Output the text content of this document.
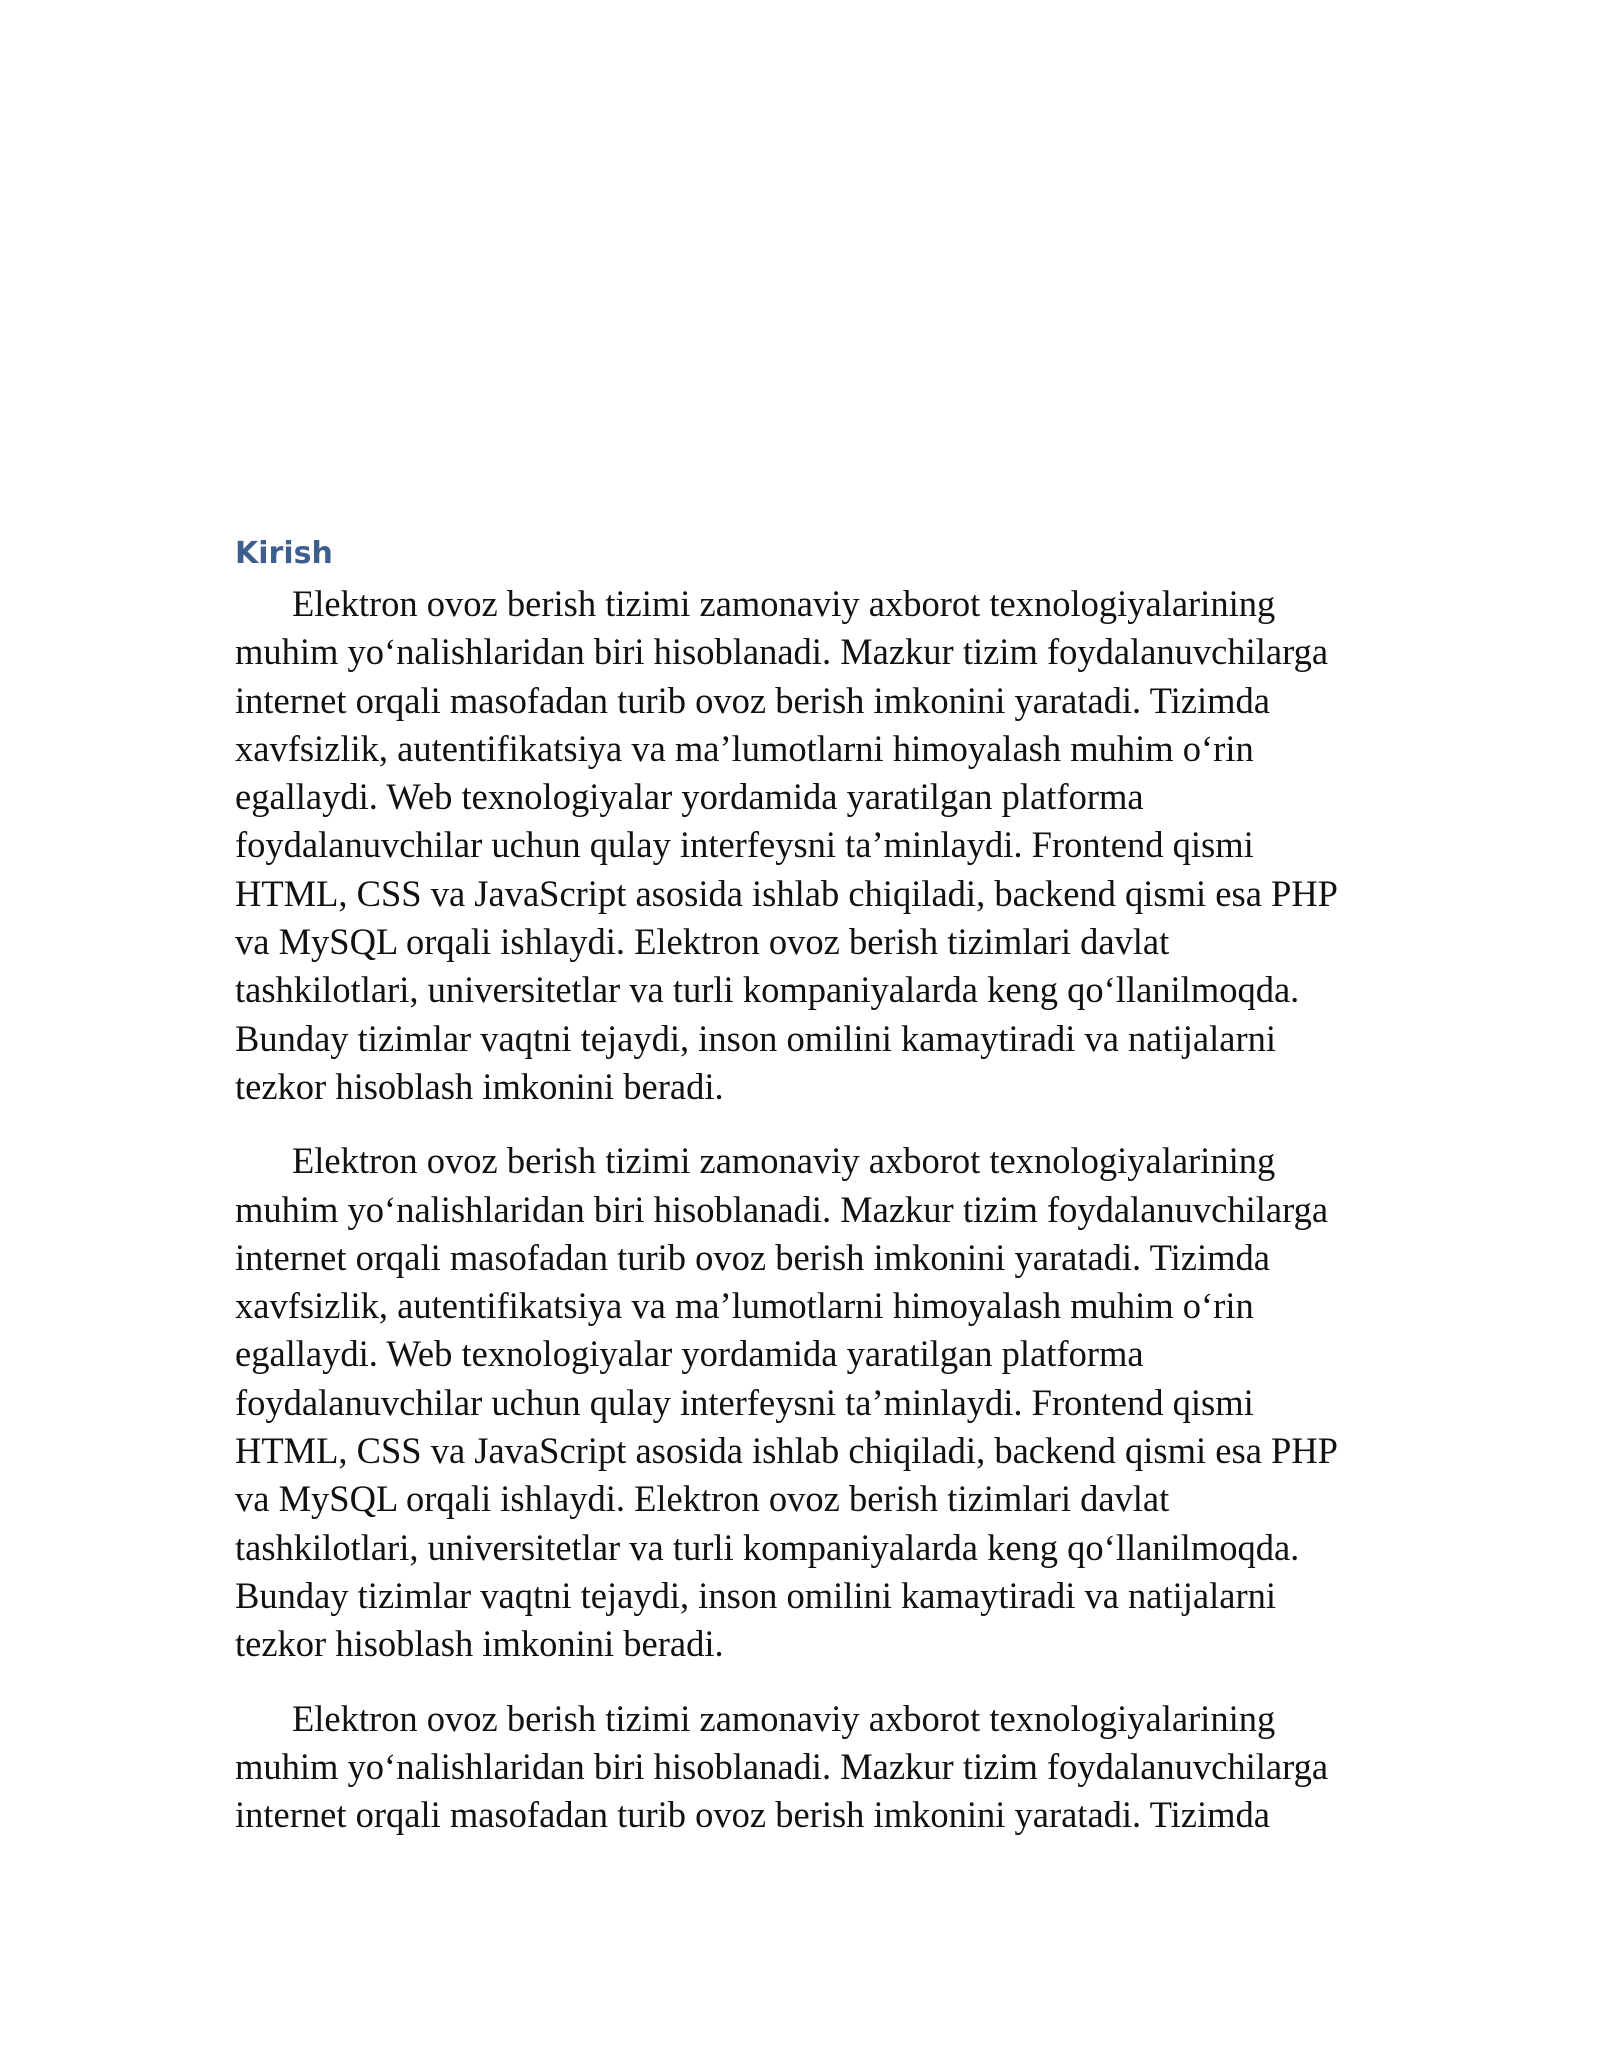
Kirish

Elektron ovoz berish tizimi zamonaviy axborot texnologiyalarining
muhim yo‘nalishlaridan biri hisoblanadi. Mazkur tizim foydalanuvchilarga
internet orqali masofadan turib ovoz berish imkonini yaratadi. Tizimda
xavfsizlik, autentifikatsiya va ma’lumotlarni himoyalash muhim o‘rin
egallaydi. Web texnologiyalar yordamida yaratilgan platforma
foydalanuvchilar uchun qulay interfeysni ta’minlaydi. Frontend qismi
HTML, CSS va JavaScript asosida ishlab chiqiladi, backend qismi esa PHP
va MySQL orqali ishlaydi. Elektron ovoz berish tizimlari davlat
tashkilotlari, universitetlar va turli kompaniyalarda keng qo‘llanilmoqda.
Bunday tizimlar vaqtni tejaydi, inson omilini kamaytiradi va natijalarni
tezkor hisoblash imkonini beradi.

Elektron ovoz berish tizimi zamonaviy axborot texnologiyalarining
muhim yo‘nalishlaridan biri hisoblanadi. Mazkur tizim foydalanuvchilarga
internet orqali masofadan turib ovoz berish imkonini yaratadi. Tizimda
xavfsizlik, autentifikatsiya va ma’lumotlarni himoyalash muhim o‘rin
egallaydi. Web texnologiyalar yordamida yaratilgan platforma
foydalanuvchilar uchun qulay interfeysni ta’minlaydi. Frontend qismi
HTML, CSS va JavaScript asosida ishlab chiqiladi, backend qismi esa PHP
va MySQL orqali ishlaydi. Elektron ovoz berish tizimlari davlat
tashkilotlari, universitetlar va turli kompaniyalarda keng qo‘llanilmoqda.
Bunday tizimlar vaqtni tejaydi, inson omilini kamaytiradi va natijalarni
tezkor hisoblash imkonini beradi.

Elektron ovoz berish tizimi zamonaviy axborot texnologiyalarining
muhim yo‘nalishlaridan biri hisoblanadi. Mazkur tizim foydalanuvchilarga
internet orqali masofadan turib ovoz berish imkonini yaratadi. Tizimda
